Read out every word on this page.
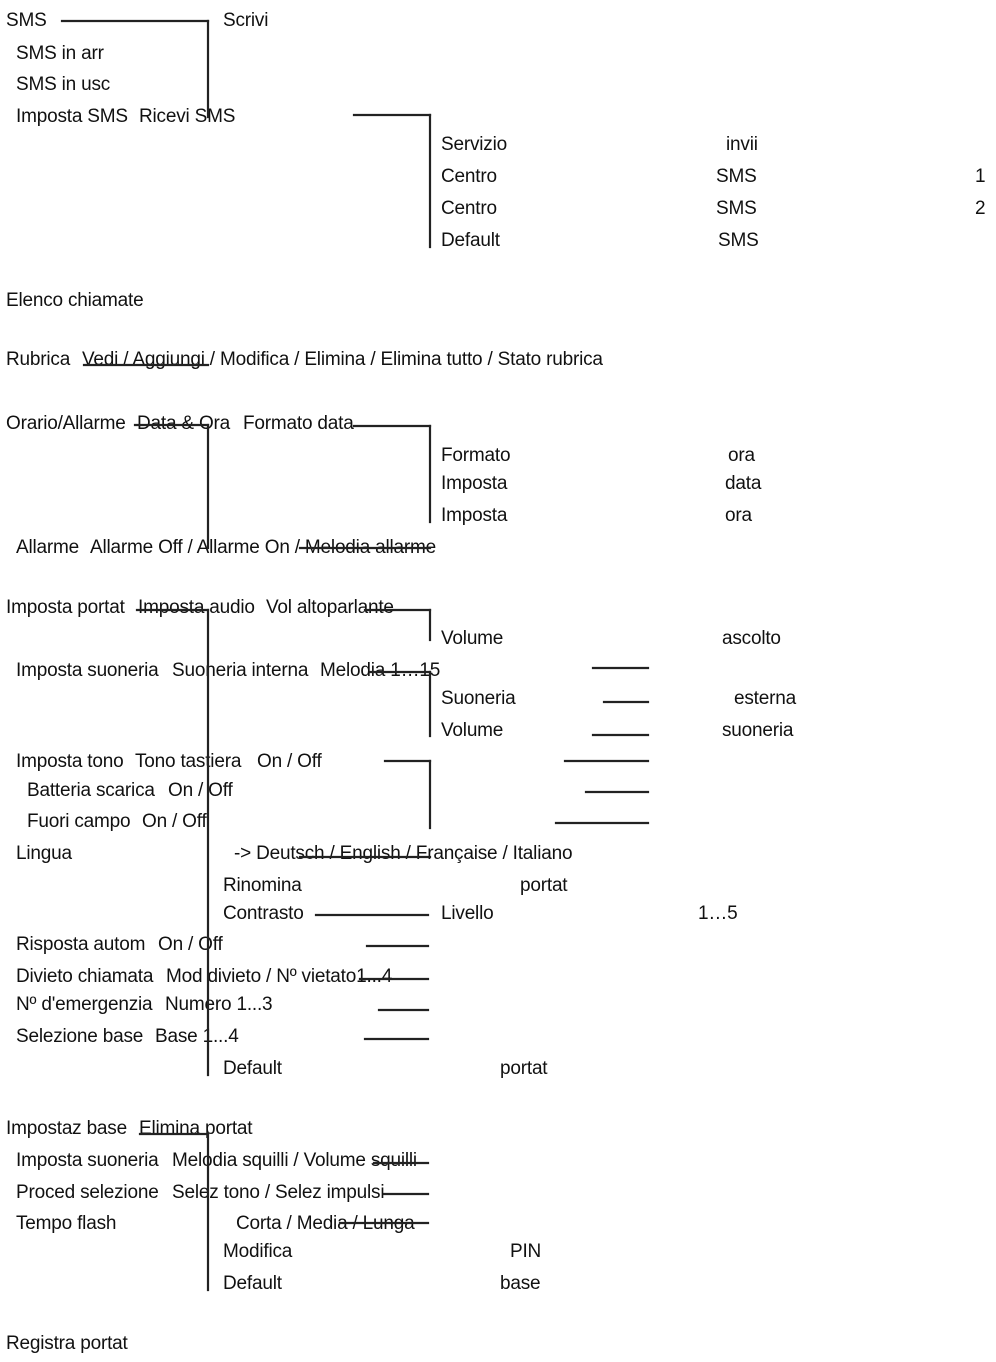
SMS	Scrivi
SMS in arr
SMS in usc
Imposta SMS Ricevi SMS
Servizio	invii
Centro	SMS	1
Centro	SMS	2
Default	SMS
Elenco chiamate
Rubrica Vedi / Aggiungi / Modifica / Elimina / Elimina tutto / Stato rubrica
Orario/Allarme Data & Ora Formato data
Formato	ora
Imposta	data
Imposta	ora
Allarme Allarme Off / Allarme On / Melodia allarme
Imposta portat Imposta audio Vol altoparlante
Volume	ascolto
Imposta suoneria Suoneria interna Melodia 1…15
Suoneria	esterna
Volume	suoneria
Imposta tono Tono tastiera On / Off
Batteria scarica On / Off
Fuori campo On / Off
Lingua	-> Deutsch / English / Française / Italiano
Rinomina	portat
Contrasto	Livello	1…5
Risposta autom On / Off
Divieto chiamata Mod divieto / Nº vietato1...4
Nº d'emergenzia Numero 1...3
Selezione base Base 1...4
Default	portat
Impostaz base Elimina portat
Imposta suoneria Melodia squilli / Volume squilli
Proced selezione Selez tono / Selez impulsi
Tempo flash	Corta / Media / Lunga
Modifica	PIN
Default	base
Registra portat
